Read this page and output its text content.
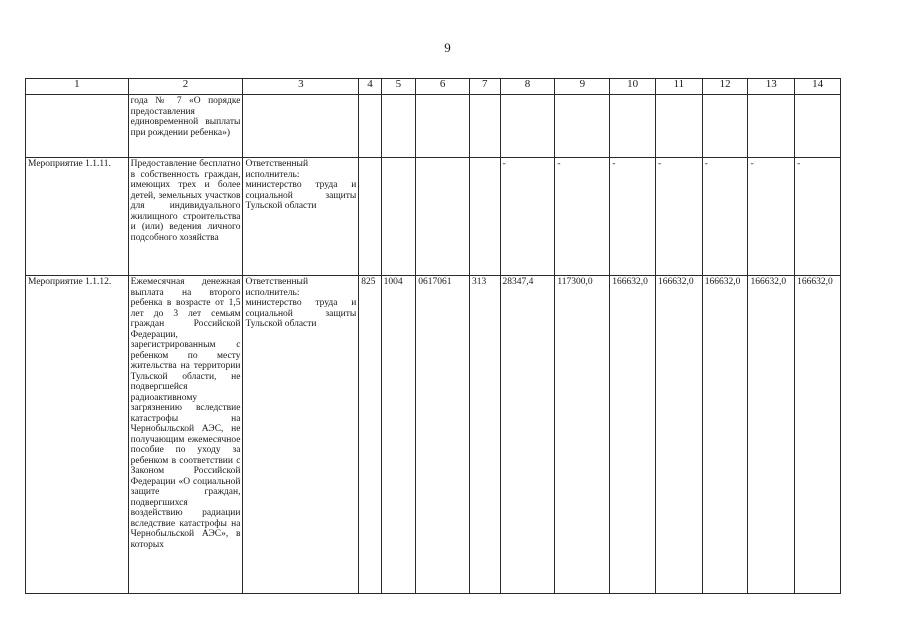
9
1	2	3	4	5	6	7	8	9	10	11	12	13	14
	года № 7 «О порядке предоставления единовременной выплаты при рождении ребенка»)												
Мероприятие 1.1.11.	Предоставление бесплатно в собственность граждан, имеющих трех и более детей, земельных участков для индивидуального жилищного строительства и (или) ведения личного подсобного хозяйства	Ответственный исполнитель: министерство труда и социальной защиты Тульской области					-	-	-	-	-	-	-
Мероприятие 1.1.12.	Ежемесячная денежная выплата на второго ребенка в возрасте от 1,5 лет до 3 лет семьям граждан Российской Федерации, зарегистрированным с ребенком по месту жительства на территории Тульской области, не подвергшейся радиоактивному загрязнению вследствие катастрофы на Чернобыльской АЭС, не получающим ежемесячное пособие по уходу за ребенком в соответствии с Законом Российской Федерации «О социальной защите граждан, подвергшихся воздействию радиации вследствие катастрофы на Чернобыльской АЭС», в которых	Ответственный исполнитель: министерство труда и социальной защиты Тульской области	825	1004	0617061	313	28347,4	117300,0	166632,0	166632,0	166632,0	166632,0	166632,0
